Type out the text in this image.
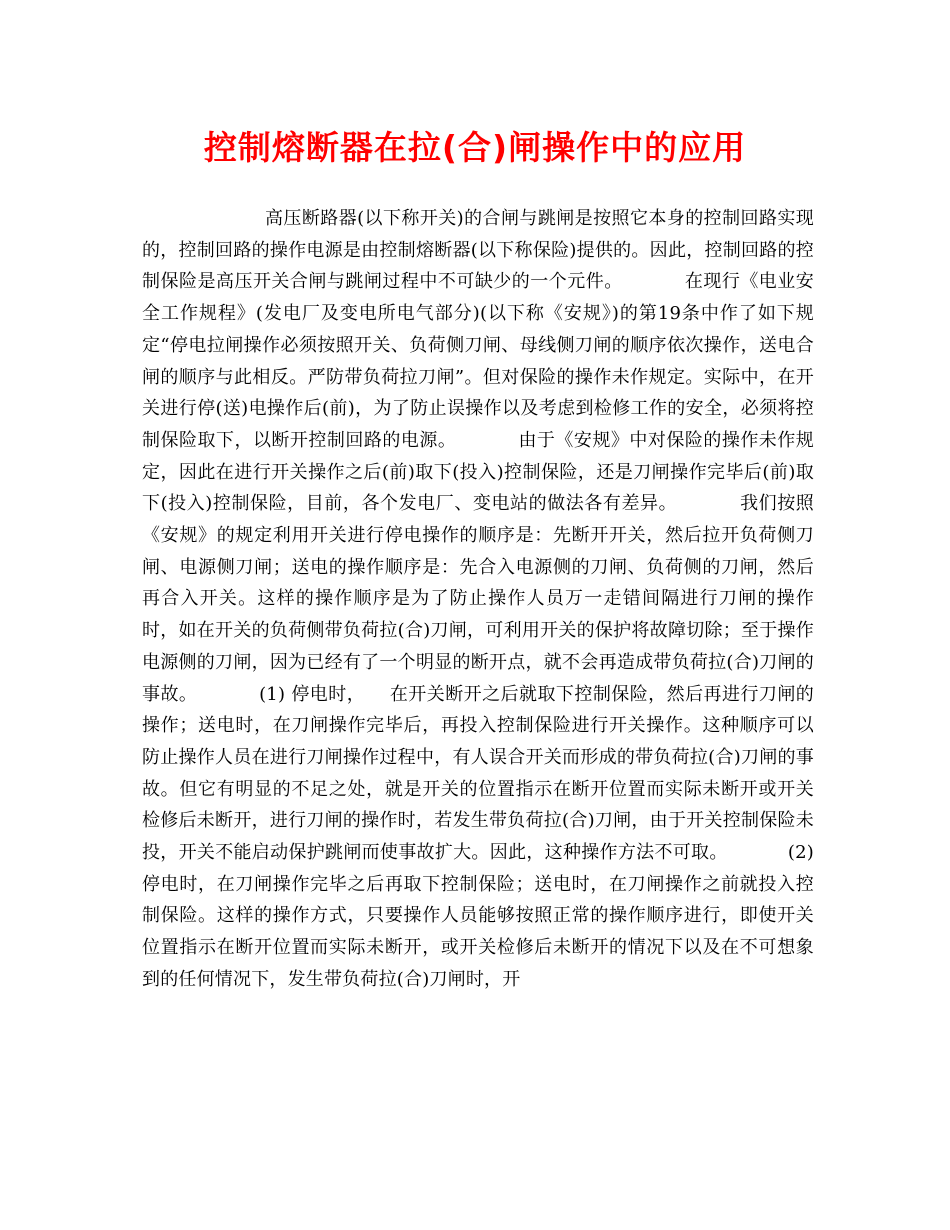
控制熔断器在拉(合)闸操作中的应用

高压断路器(以下称开关)的合闸与跳闸是按照它本身的控制回路实现的，控制回路的操作电源是由控制熔断器(以下称保险)提供的。因此，控制回路的控制保险是高压开关合闸与跳闸过程中不可缺少的一个元件。          在现行《电业安全工作规程》(发电厂及变电所电气部分)(以下称《安规》)的第19条中作了如下规定“停电拉闸操作必须按照开关、负荷侧刀闸、母线侧刀闸的顺序依次操作，送电合闸的顺序与此相反。严防带负荷拉刀闸”。但对保险的操作未作规定。实际中，在开关进行停(送)电操作后(前)，为了防止误操作以及考虑到检修工作的安全，必须将控制保险取下，以断开控制回路的电源。          由于《安规》中对保险的操作未作规定，因此在进行开关操作之后(前)取下(投入)控制保险，还是刀闸操作完毕后(前)取下(投入)控制保险，目前，各个发电厂、变电站的做法各有差异。          我们按照《安规》的规定利用开关进行停电操作的顺序是：先断开开关，然后拉开负荷侧刀闸、电源侧刀闸；送电的操作顺序是：先合入电源侧的刀闸、负荷侧的刀闸，然后再合入开关。这样的操作顺序是为了防止操作人员万一走错间隔进行刀闸的操作时，如在开关的负荷侧带负荷拉(合)刀闸，可利用开关的保护将故障切除；至于操作电源侧的刀闸，因为已经有了一个明显的断开点，就不会再造成带负荷拉(合)刀闸的事故。          (1) 停电时，    在开关断开之后就取下控制保险，然后再进行刀闸的操作；送电时，在刀闸操作完毕后，再投入控制保险进行开关操作。这种顺序可以防止操作人员在进行刀闸操作过程中，有人误合开关而形成的带负荷拉(合)刀闸的事故。但它有明显的不足之处，就是开关的位置指示在断开位置而实际未断开或开关检修后未断开，进行刀闸的操作时，若发生带负荷拉(合)刀闸，由于开关控制保险未投，开关不能启动保护跳闸而使事故扩大。因此，这种操作方法不可取。          (2) 停电时，在刀闸操作完毕之后再取下控制保险；送电时，在刀闸操作之前就投入控制保险。这样的操作方式，只要操作人员能够按照正常的操作顺序进行，即使开关位置指示在断开位置而实际未断开，或开关检修后未断开的情况下以及在不可想象到的任何情况下，发生带负荷拉(合)刀闸时，开
